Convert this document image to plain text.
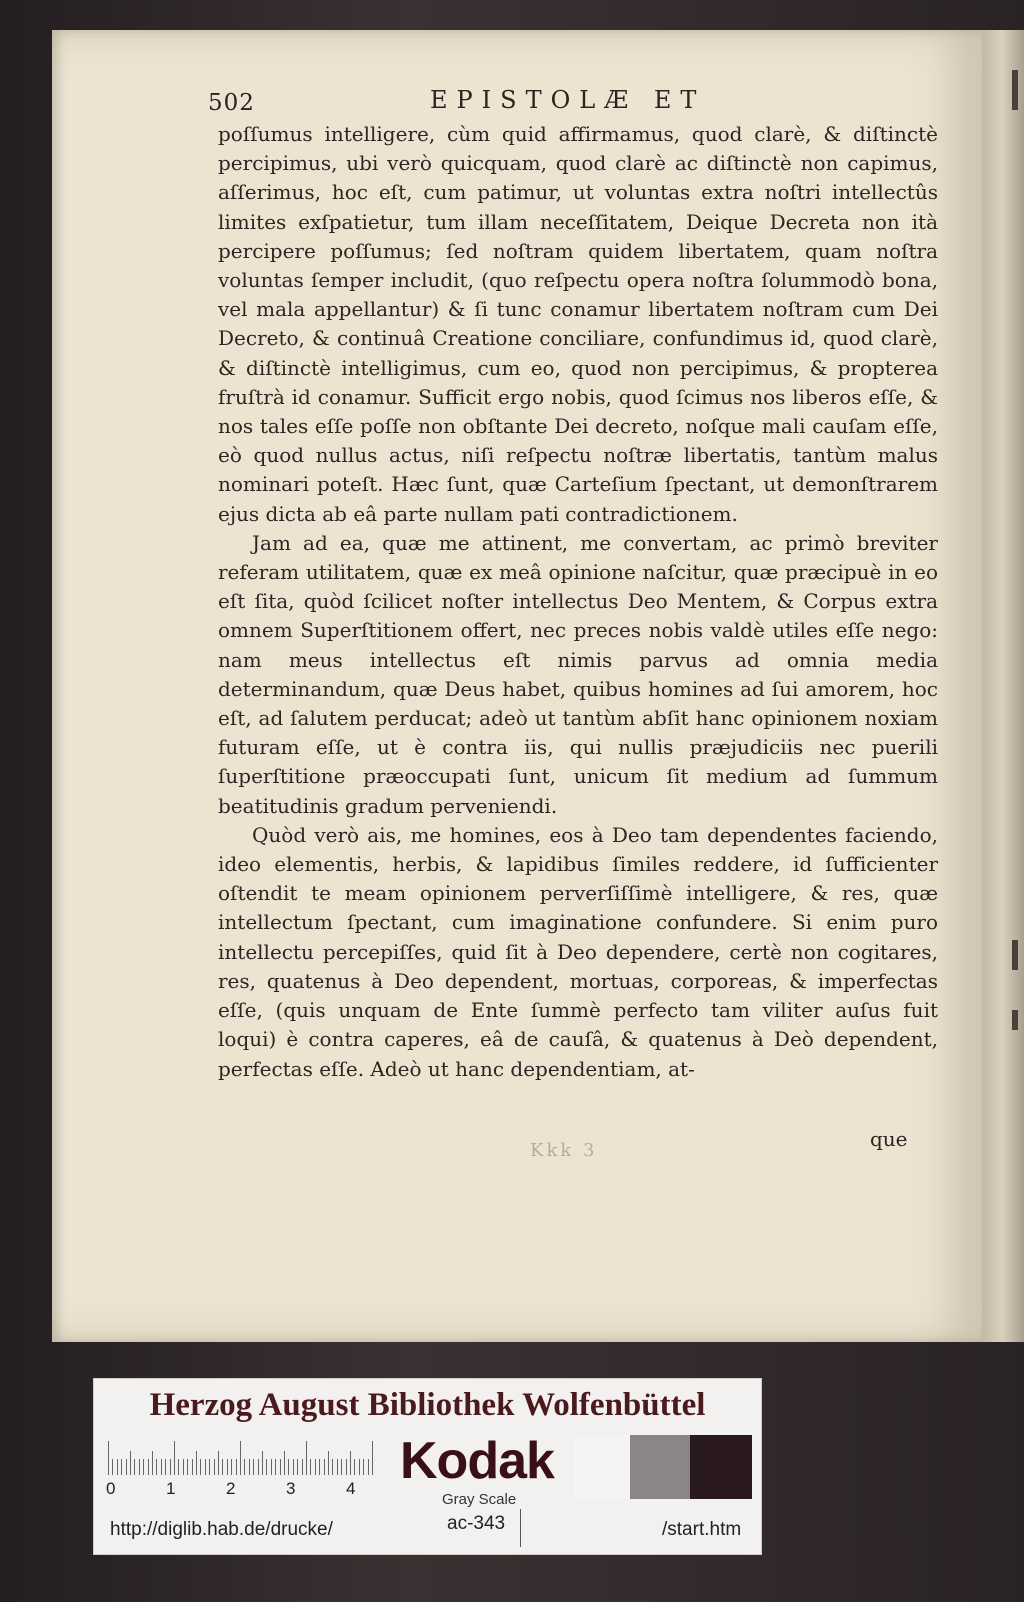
502	EPISTOLÆ ET

poſſumus intelligere, cùm quid affirmamus, quod clarè, & diſtinctè percipimus, ubi verò quicquam, quod clarè ac diſtinctè non capimus, aſſerimus, hoc eſt, cum patimur, ut voluntas extra noſtri intellectûs limites exſpatietur, tum illam neceſſitatem, Deique Decreta non ità percipere poſſumus; ſed noſtram quidem libertatem, quam noſtra voluntas ſemper includit, (quo reſpectu opera noſtra ſolummodò bona, vel mala appellantur) & ſi tunc conamur libertatem noſtram cum Dei Decreto, & continuâ Creatione conciliare, confundimus id, quod clarè, & diſtinctè intelligimus, cum eo, quod non percipimus, & propterea fruſtrà id conamur. Sufficit ergo nobis, quod ſcimus nos liberos eſſe, & nos tales eſſe poſſe non obſtante Dei decreto, noſque mali cauſam eſſe, eò quod nullus actus, niſi reſpectu noſtræ libertatis, tantùm malus nominari poteſt. Hæc ſunt, quæ Carteſium ſpectant, ut demonſtrarem ejus dicta ab eâ parte nullam pati contradictionem.

Jam ad ea, quæ me attinent, me convertam, ac primò breviter referam utilitatem, quæ ex meâ opinione naſcitur, quæ præcipuè in eo eſt ſita, quòd ſcilicet noſter intellectus Deo Mentem, & Corpus extra omnem Superſtitionem offert, nec preces nobis valdè utiles eſſe nego: nam meus intellectus eſt nimis parvus ad omnia media determinandum, quæ Deus habet, quibus homines ad ſui amorem, hoc eſt, ad ſalutem perducat; adeò ut tantùm abſit hanc opinionem noxiam futuram eſſe, ut è contra iis, qui nullis præjudiciis nec puerili ſuperſtitione præoccupati ſunt, unicum ſit medium ad ſummum beatitudinis gradum perveniendi.

Quòd verò ais, me homines, eos à Deo tam dependentes faciendo, ideo elementis, herbis, & lapidibus ſimiles reddere, id ſufficienter oſtendit te meam opinionem perverſiſſimè intelligere, & res, quæ intellectum ſpectant, cum imaginatione confundere. Si enim puro intellectu percepiſſes, quid ſit à Deo dependere, certè non cogitares, res, quatenus à Deo dependent, mortuas, corporeas, & imperfectas eſſe, (quis unquam de Ente ſummè perfecto tam viliter auſus fuit loqui) è contra caperes, eâ de cauſâ, & quatenus à Deò dependent, perfectas eſſe. Adeò ut hanc dependentiam, at-

que
Kkk 3
Herzog August Bibliothek Wolfenbüttel
0	1	2	3	4 Kodak
Gray Scale
http://diglib.hab.de/drucke/	ac-343	/start.htm
